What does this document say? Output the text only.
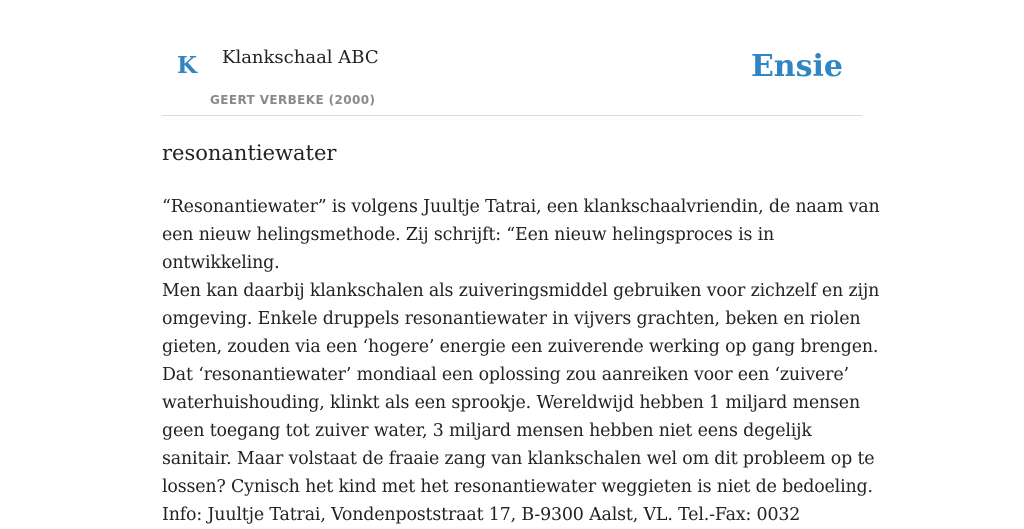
K Klankschaal ABC
GEERT VERBEKE (2000)
Ensie
resonantiewater

“Resonantiewater” is volgens Juultje Tatrai, een klankschaalvriendin, de naam van

een nieuw helingsmethode. Zij schrijft: “Een nieuw helingsproces is in

ontwikkeling.

Men kan daarbij klankschalen als zuiveringsmiddel gebruiken voor zichzelf en zijn

omgeving. Enkele druppels resonantiewater in vijvers grachten, beken en riolen

gieten, zouden via een ‘hogere’ energie een zuiverende werking op gang brengen.

Dat ‘resonantiewater’ mondiaal een oplossing zou aanreiken voor een ‘zuivere’

waterhuishouding, klinkt als een sprookje. Wereldwijd hebben 1 miljard mensen

geen toegang tot zuiver water, 3 miljard mensen hebben niet eens degelijk

sanitair. Maar volstaat de fraaie zang van klankschalen wel om dit probleem op te

lossen? Cynisch het kind met het resonantiewater weggieten is niet de bedoeling.

Info: Juultje Tatrai, Vondenpoststraat 17, B-9300 Aalst, VL. Tel.-Fax: 0032
